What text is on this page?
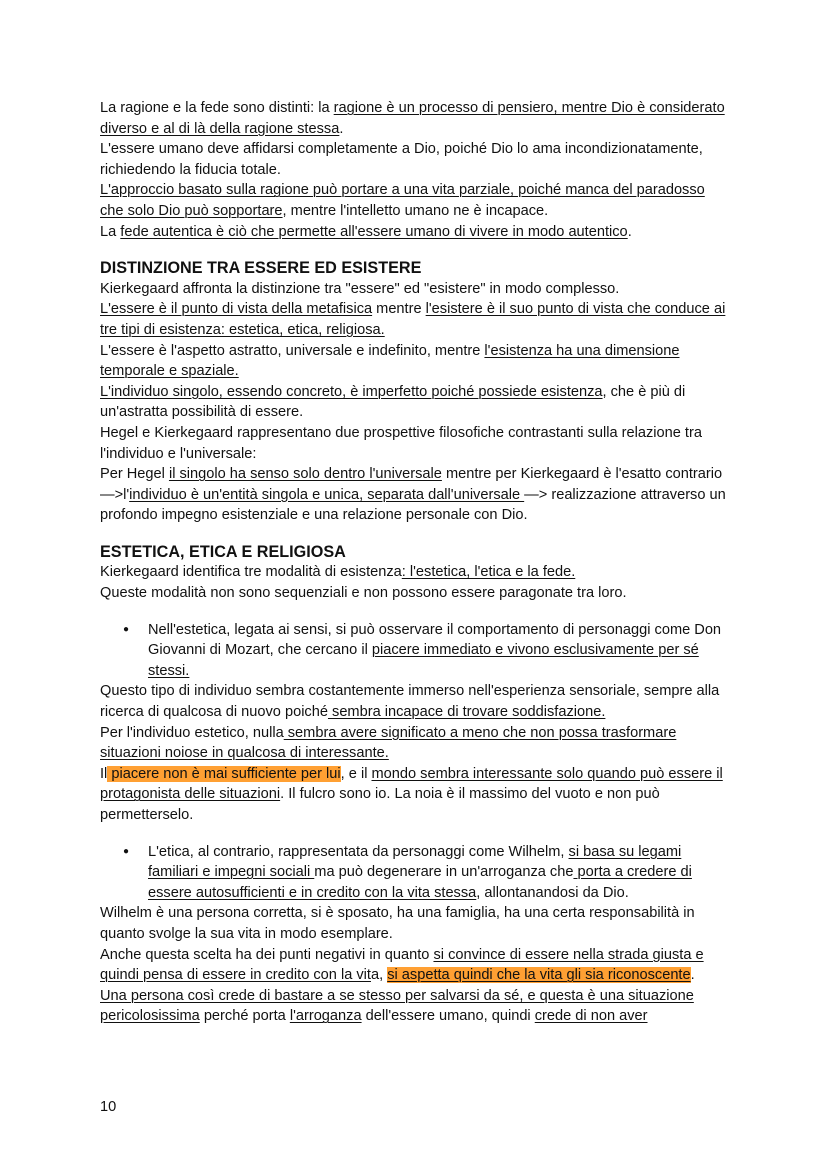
La ragione e la fede sono distinti: la ragione è un processo di pensiero, mentre Dio è considerato diverso e al di là della ragione stessa.

L'essere umano deve affidarsi completamente a Dio, poiché Dio lo ama incondizionatamente, richiedendo la fiducia totale.

L'approccio basato sulla ragione può portare a una vita parziale, poiché manca del paradosso che solo Dio può sopportare, mentre l'intelletto umano ne è incapace.

La fede autentica è ciò che permette all'essere umano di vivere in modo autentico.

DISTINZIONE TRA ESSERE ED ESISTERE

Kierkegaard affronta la distinzione tra "essere" ed "esistere" in modo complesso.

L'essere è il punto di vista della metafisica mentre l'esistere è il suo punto di vista che conduce ai tre tipi di esistenza: estetica, etica, religiosa.

L'essere è l'aspetto astratto, universale e indefinito, mentre l'esistenza ha una dimensione temporale e spaziale.

L'individuo singolo, essendo concreto, è imperfetto poiché possiede esistenza, che è più di un'astratta possibilità di essere.

Hegel e Kierkegaard rappresentano due prospettive filosofiche contrastanti sulla relazione tra l'individuo e l'universale:

Per Hegel il singolo ha senso solo dentro l'universale mentre per Kierkegaard è l'esatto contrario—>l'individuo è un'entità singola e unica, separata dall'universale —> realizzazione attraverso un profondo impegno esistenziale e una relazione personale con Dio.

ESTETICA, ETICA E RELIGIOSA

Kierkegaard identifica tre modalità di esistenza: l'estetica, l'etica e la fede.

Queste modalità non sono sequenziali e non possono essere paragonate tra loro.

● Nell'estetica, legata ai sensi, si può osservare il comportamento di personaggi come Don Giovanni di Mozart, che cercano il piacere immediato e vivono esclusivamente per sé stessi.

Questo tipo di individuo sembra costantemente immerso nell'esperienza sensoriale, sempre alla ricerca di qualcosa di nuovo poiché sembra incapace di trovare soddisfazione.

Per l'individuo estetico, nulla sembra avere significato a meno che non possa trasformare situazioni noiose in qualcosa di interessante.

Il piacere non è mai sufficiente per lui, e il mondo sembra interessante solo quando può essere il protagonista delle situazioni. Il fulcro sono io. La noia è il massimo del vuoto e non può permetterselo.

● L'etica, al contrario, rappresentata da personaggi come Wilhelm, si basa su legami familiari e impegni sociali ma può degenerare in un'arroganza che porta a credere di essere autosufficienti e in credito con la vita stessa, allontanandosi da Dio.

Wilhelm è una persona corretta, si è sposato, ha una famiglia, ha una certa responsabilità in quanto svolge la sua vita in modo esemplare.

Anche questa scelta ha dei punti negativi in quanto si convince di essere nella strada giusta e quindi pensa di essere in credito con la vita, si aspetta quindi che la vita gli sia riconoscente.

Una persona così crede di bastare a se stesso per salvarsi da sé, e questa è una situazione pericolosissima perché porta l'arroganza dell'essere umano, quindi crede di non aver

10
